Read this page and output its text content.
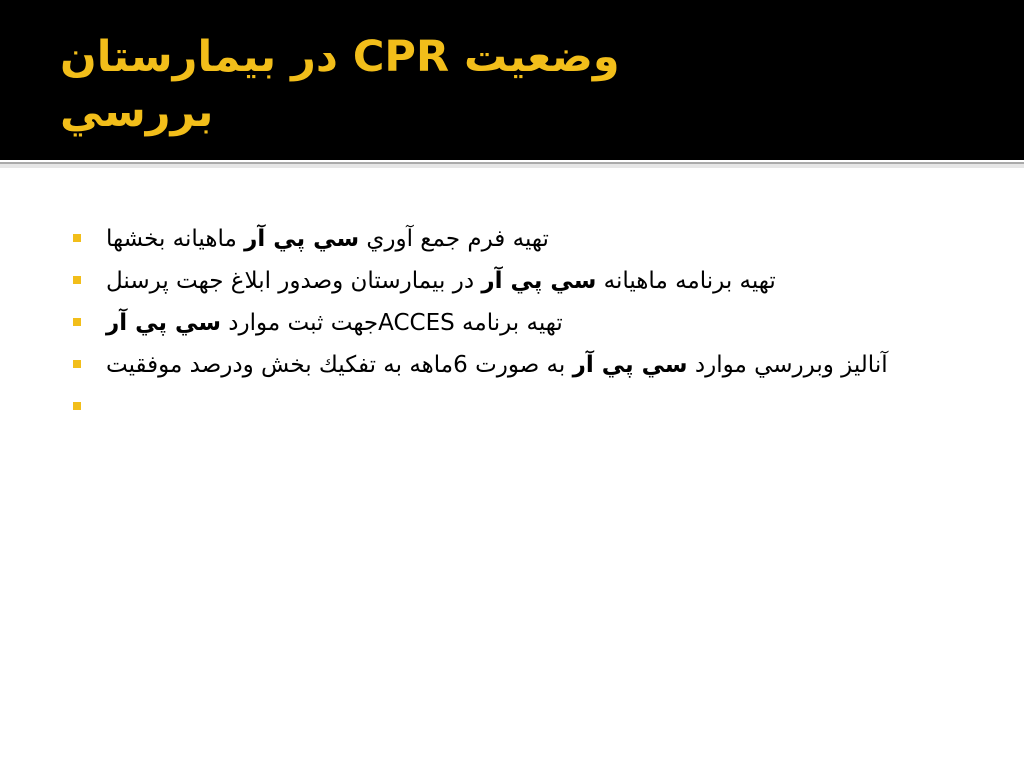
وضعيت CPR در بيمارستان
بررسي
تهيه فرم جمع آوري سي پي آر ماهيانه بخشها
تهيه برنامه ماهيانه سي پي آر در بيمارستان وصدور ابلاغ جهت پرسنل
تهيه برنامه ACCESجهت ثبت موارد سي پي آر
آناليز وبررسي موارد سي پي آر به صورت 6ماهه به تفكيك بخش ودرصد موفقيت
